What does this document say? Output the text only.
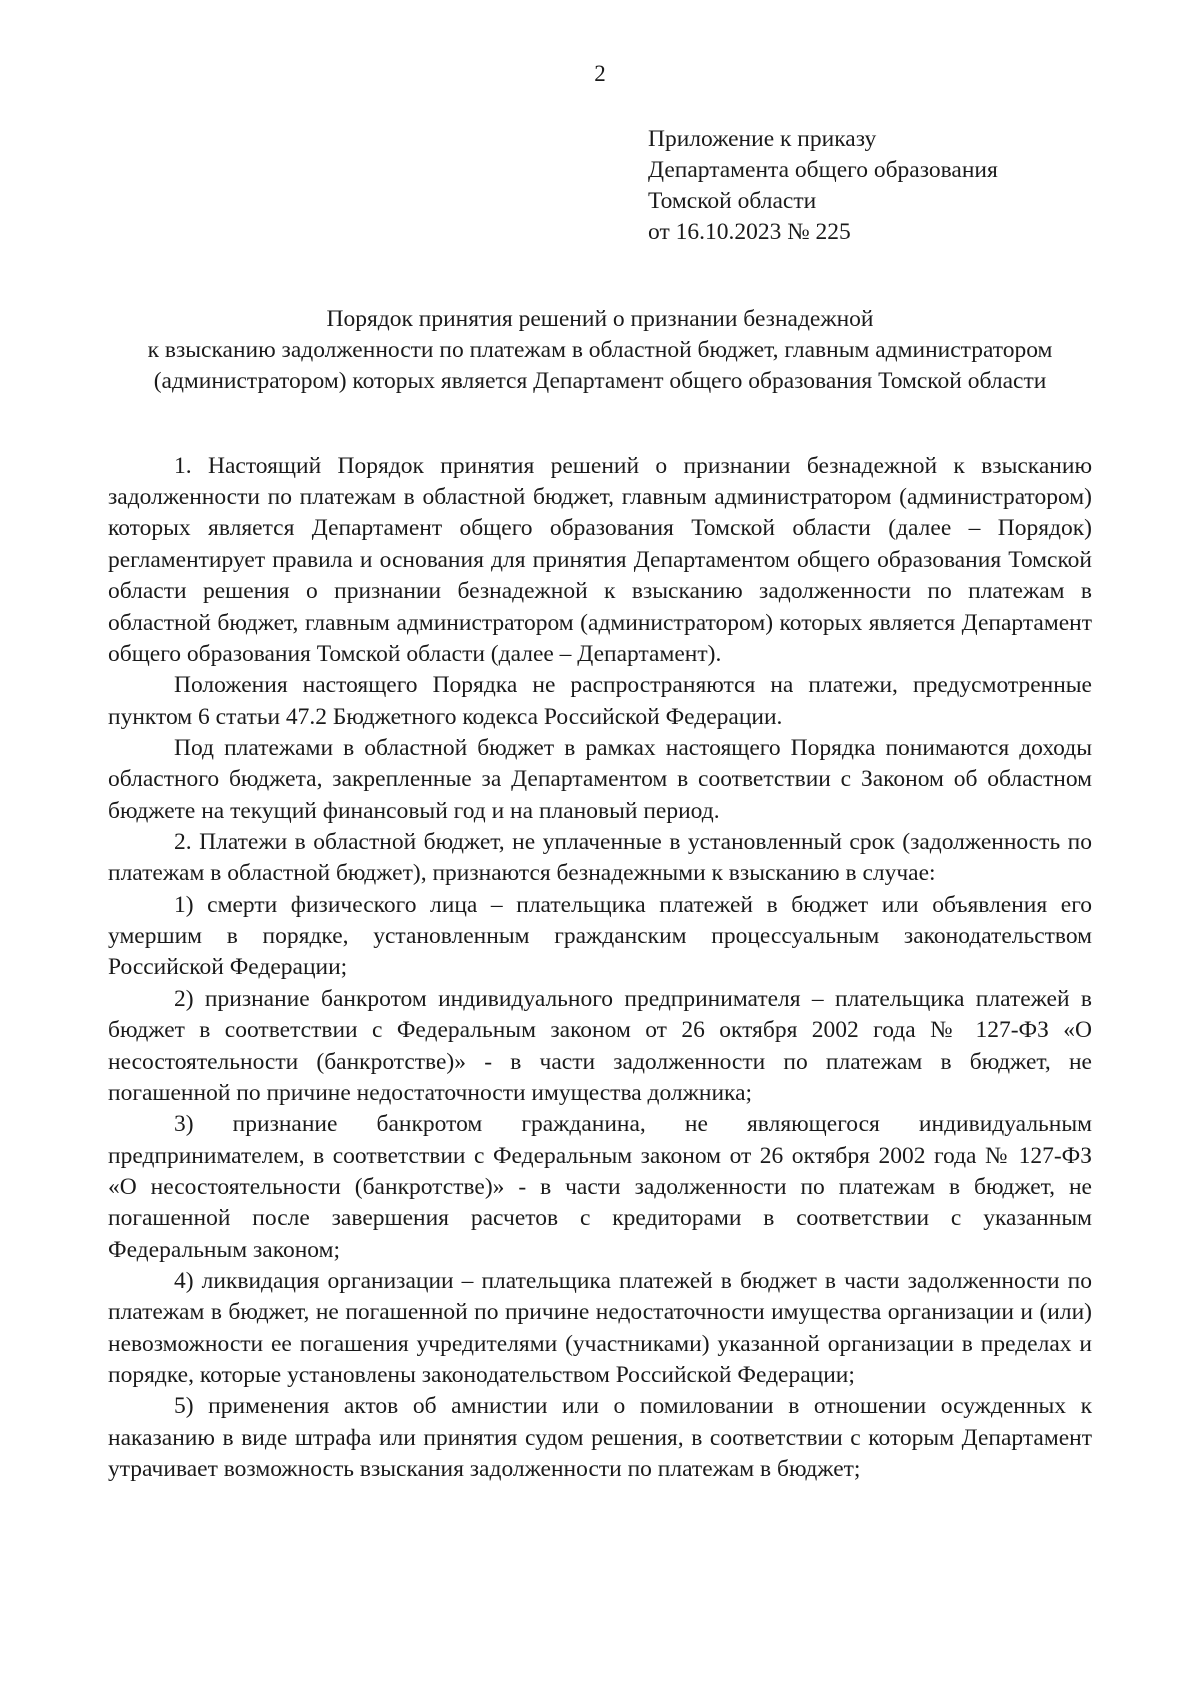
2
Приложение к приказу
Департамента общего образования
Томской области
от 16.10.2023 № 225
Порядок принятия решений о признании безнадежной
к взысканию задолженности по платежам в областной бюджет, главным администратором
(администратором) которых является Департамент общего образования Томской области

1. Настоящий Порядок принятия решений о признании безнадежной к взысканию задолженности по платежам в областной бюджет, главным администратором (администратором) которых является Департамент общего образования Томской области (далее – Порядок) регламентирует правила и основания для принятия Департаментом общего образования Томской области решения о признании безнадежной к взысканию задолженности по платежам в областной бюджет, главным администратором (администратором) которых является Департамент общего образования Томской области (далее – Департамент).

Положения настоящего Порядка не распространяются на платежи, предусмотренные пунктом 6 статьи 47.2 Бюджетного кодекса Российской Федерации.

Под платежами в областной бюджет в рамках настоящего Порядка понимаются доходы областного бюджета, закрепленные за Департаментом в соответствии с Законом об областном бюджете на текущий финансовый год и на плановый период.

2. Платежи в областной бюджет, не уплаченные в установленный срок (задолженность по платежам в областной бюджет), признаются безнадежными к взысканию в случае:

1) смерти физического лица – плательщика платежей в бюджет или объявления его умершим в порядке, установленным гражданским процессуальным законодательством Российской Федерации;

2) признание банкротом индивидуального предпринимателя – плательщика платежей в бюджет в соответствии с Федеральным законом от 26 октября 2002 года № 127-ФЗ «О несостоятельности (банкротстве)» - в части задолженности по платежам в бюджет, не погашенной по причине недостаточности имущества должника;

3) признание банкротом гражданина, не являющегося индивидуальным предпринимателем, в соответствии с Федеральным законом от 26 октября 2002 года № 127-ФЗ «О несостоятельности (банкротстве)» - в части задолженности по платежам в бюджет, не погашенной после завершения расчетов с кредиторами в соответствии с указанным Федеральным законом;

4) ликвидация организации – плательщика платежей в бюджет в части задолженности по платежам в бюджет, не погашенной по причине недостаточности имущества организации и (или) невозможности ее погашения учредителями (участниками) указанной организации в пределах и порядке, которые установлены законодательством Российской Федерации;

5) применения актов об амнистии или о помиловании в отношении осужденных к наказанию в виде штрафа или принятия судом решения, в соответствии с которым Департамент утрачивает возможность взыскания задолженности по платежам в бюджет;
